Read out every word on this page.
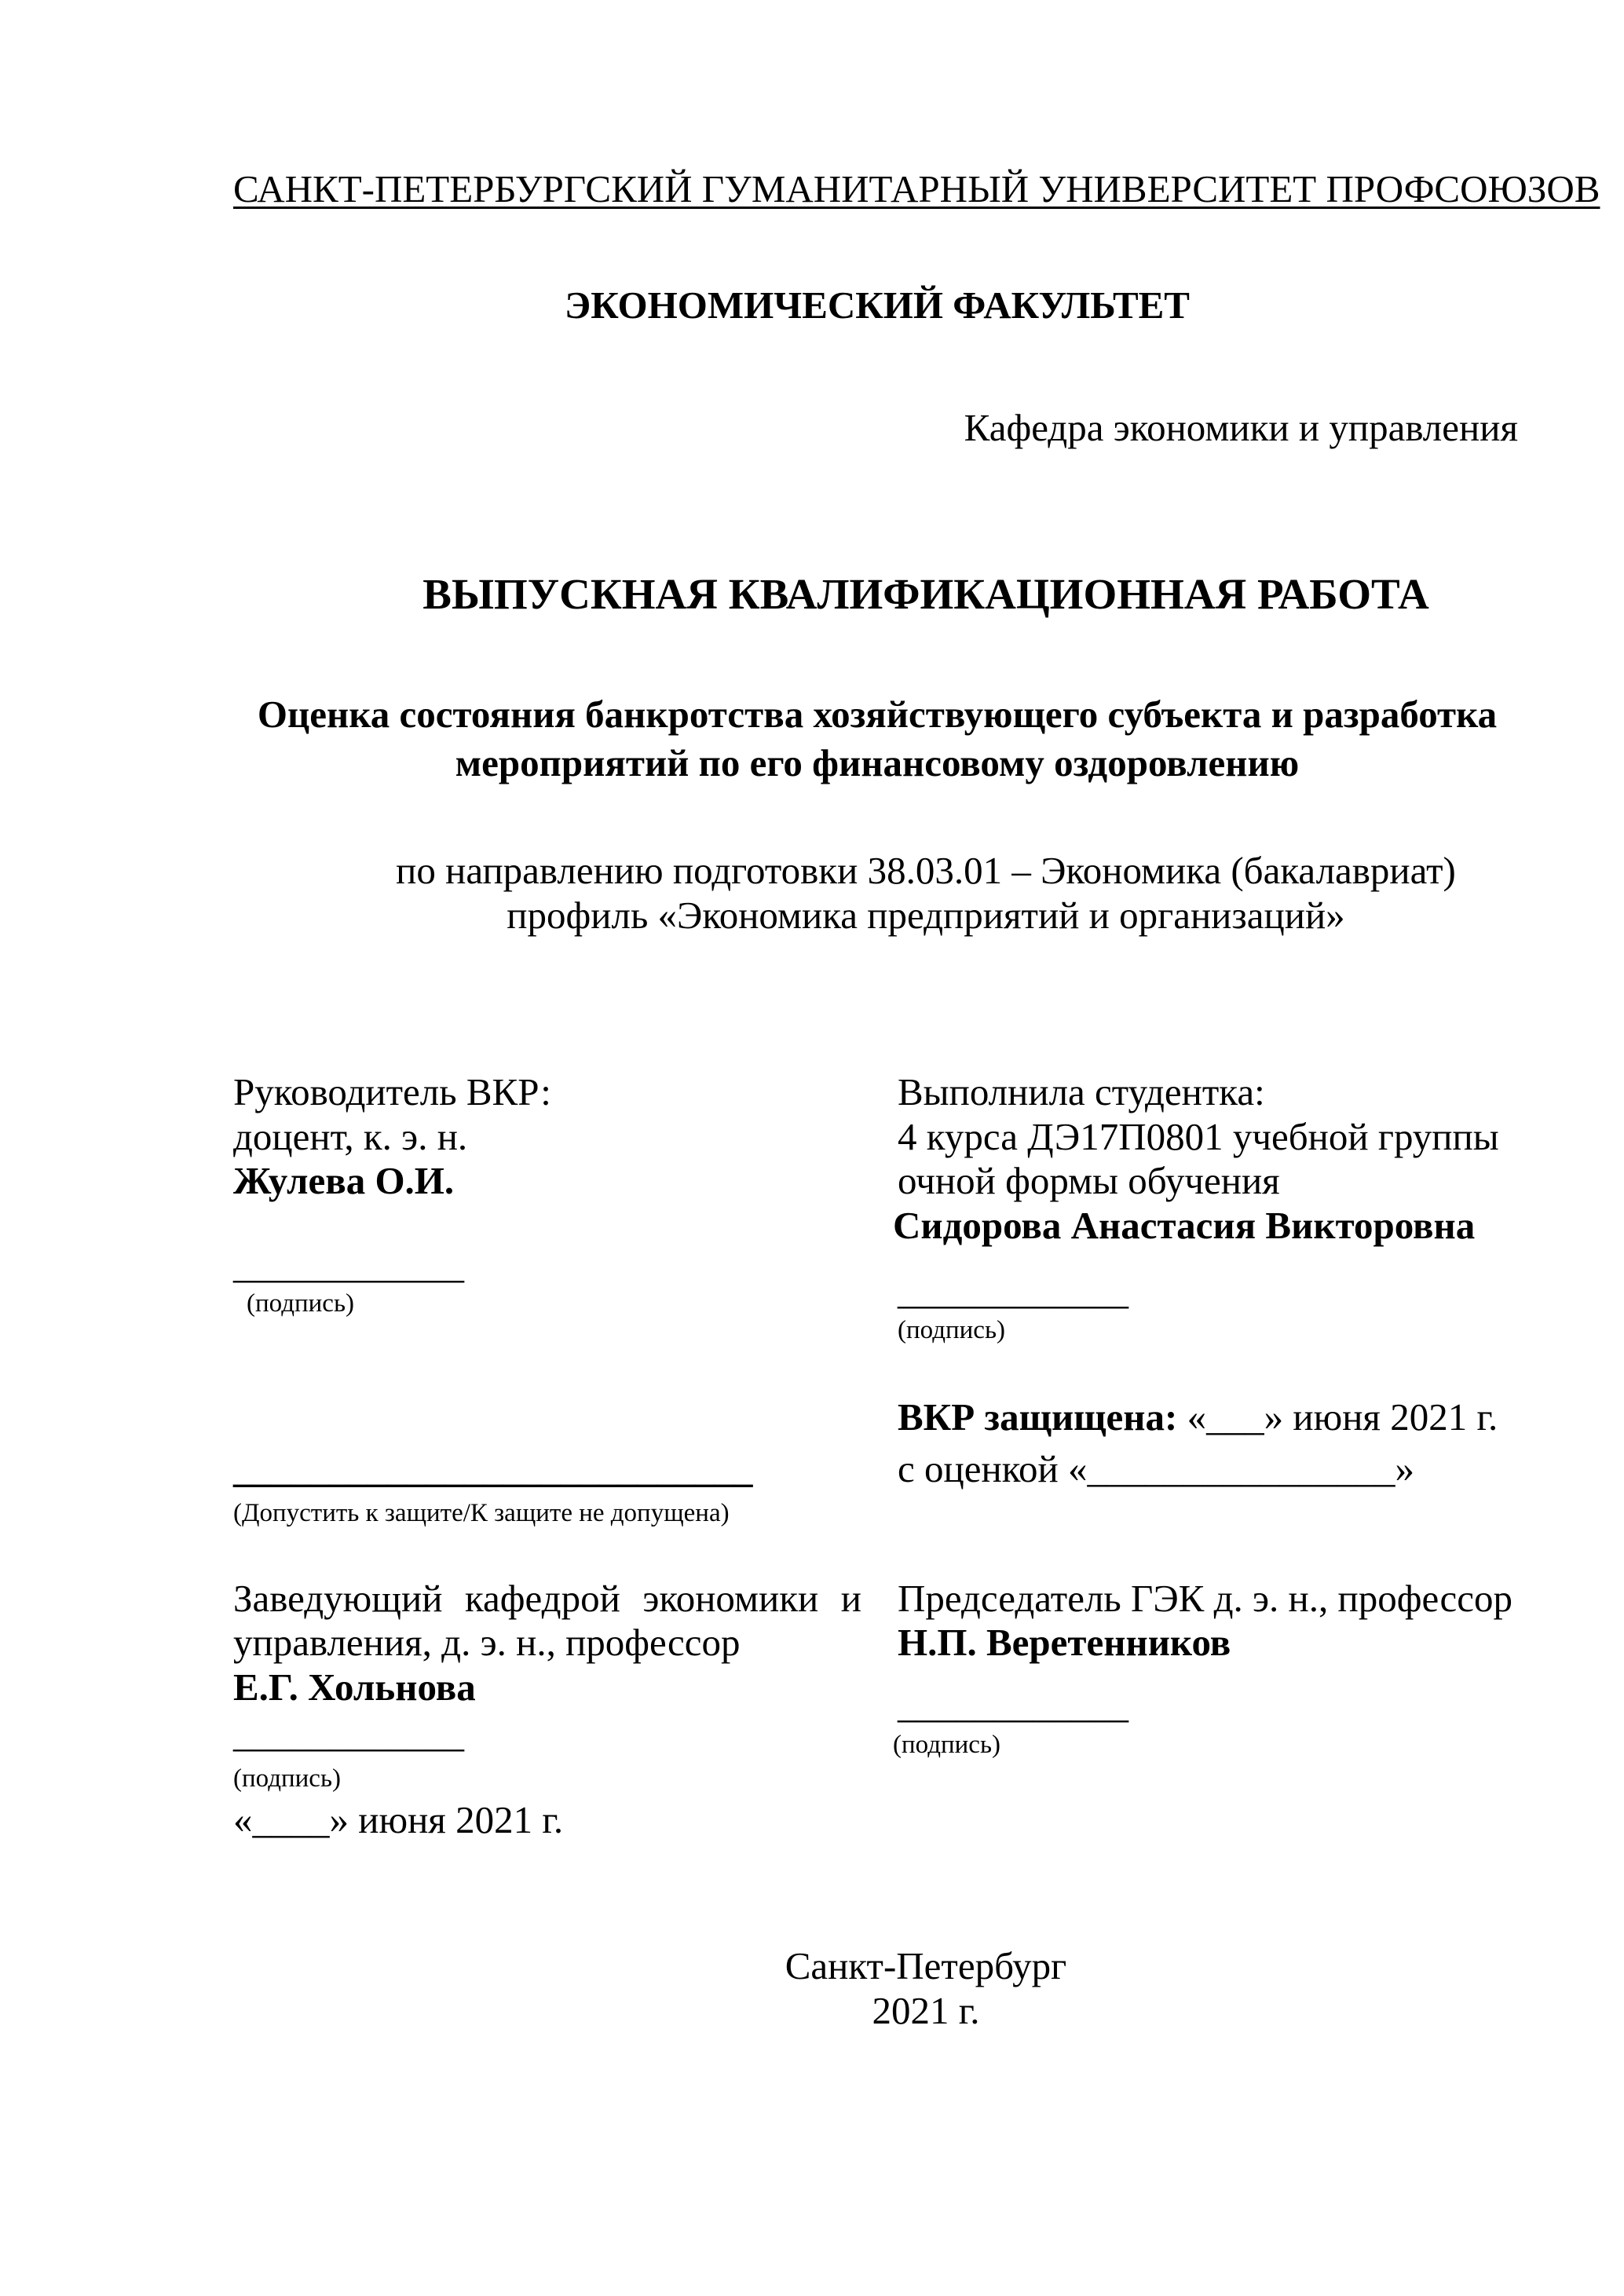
САНКТ-ПЕТЕРБУРГСКИЙ ГУМАНИТАРНЫЙ УНИВЕРСИТЕТ ПРОФСОЮЗОВ
ЭКОНОМИЧЕСКИЙ ФАКУЛЬТЕТ
Кафедра экономики и управления
ВЫПУСКНАЯ КВАЛИФИКАЦИОННАЯ РАБОТА
Оценка состояния банкротства хозяйствующего субъекта и разработка
мероприятий по его финансовому оздоровлению
по направлению подготовки 38.03.01 – Экономика (бакалавриат)
профиль «Экономика предприятий и организаций»
Руководитель ВКР:
доцент, к. э. н.
Жулева О.И.
____________
(подпись)
Выполнила студентка:
4 курса ДЭ17П0801 учебной группы
очной формы обучения
Сидорова Анастасия Викторовна
____________
(подпись)
ВКР защищена: «___» июня 2021 г.
с оценкой «________________»
___________________________
(Допустить к защите/К защите не допущена)
Заведующий кафедрой экономики и
управления, д. э. н., профессор
Е.Г. Хольнова
____________
(подпись)
«____» июня 2021 г.
Председатель ГЭК д. э. н., профессор
Н.П. Веретенников
____________
(подпись)
Санкт-Петербург
2021 г.
